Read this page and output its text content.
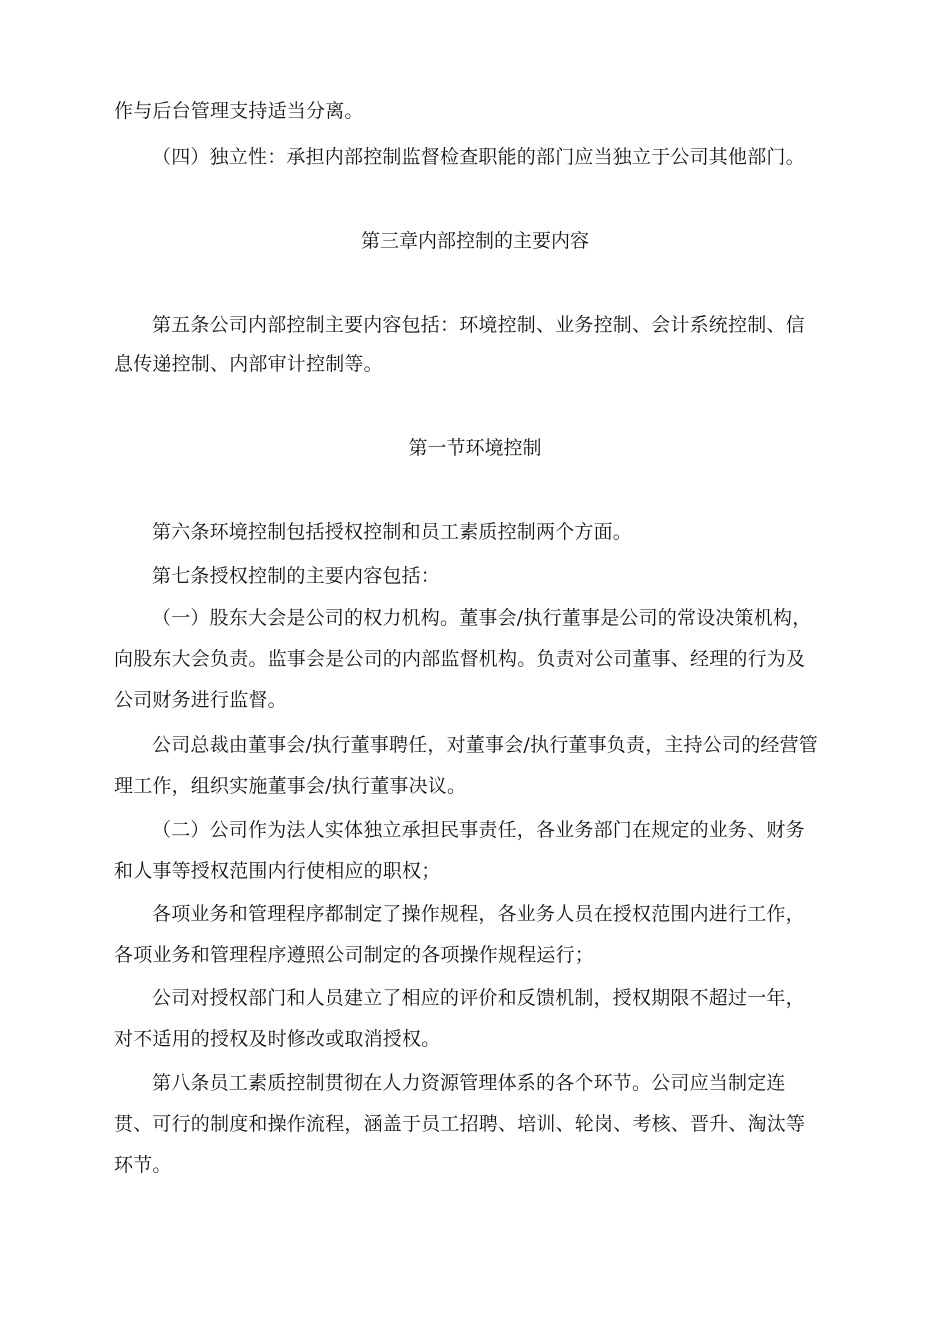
作与后台管理支持适当分离。
（四）独立性：承担内部控制监督检查职能的部门应当独立于公司其他部门。
第三章内部控制的主要内容
第五条公司内部控制主要内容包括：环境控制、业务控制、会计系统控制、信
息传递控制、内部审计控制等。
第一节环境控制
第六条环境控制包括授权控制和员工素质控制两个方面。
第七条授权控制的主要内容包括：
（一）股东大会是公司的权力机构。董事会/执行董事是公司的常设决策机构，
向股东大会负责。监事会是公司的内部监督机构。负责对公司董事、经理的行为及
公司财务进行监督。
公司总裁由董事会/执行董事聘任，对董事会/执行董事负责，主持公司的经营管
理工作，组织实施董事会/执行董事决议。
（二）公司作为法人实体独立承担民事责任，各业务部门在规定的业务、财务
和人事等授权范围内行使相应的职权；
各项业务和管理程序都制定了操作规程，各业务人员在授权范围内进行工作，
各项业务和管理程序遵照公司制定的各项操作规程运行；
公司对授权部门和人员建立了相应的评价和反馈机制，授权期限不超过一年，
对不适用的授权及时修改或取消授权。
第八条员工素质控制贯彻在人力资源管理体系的各个环节。公司应当制定连
贯、可行的制度和操作流程，涵盖于员工招聘、培训、轮岗、考核、晋升、淘汰等
环节。
